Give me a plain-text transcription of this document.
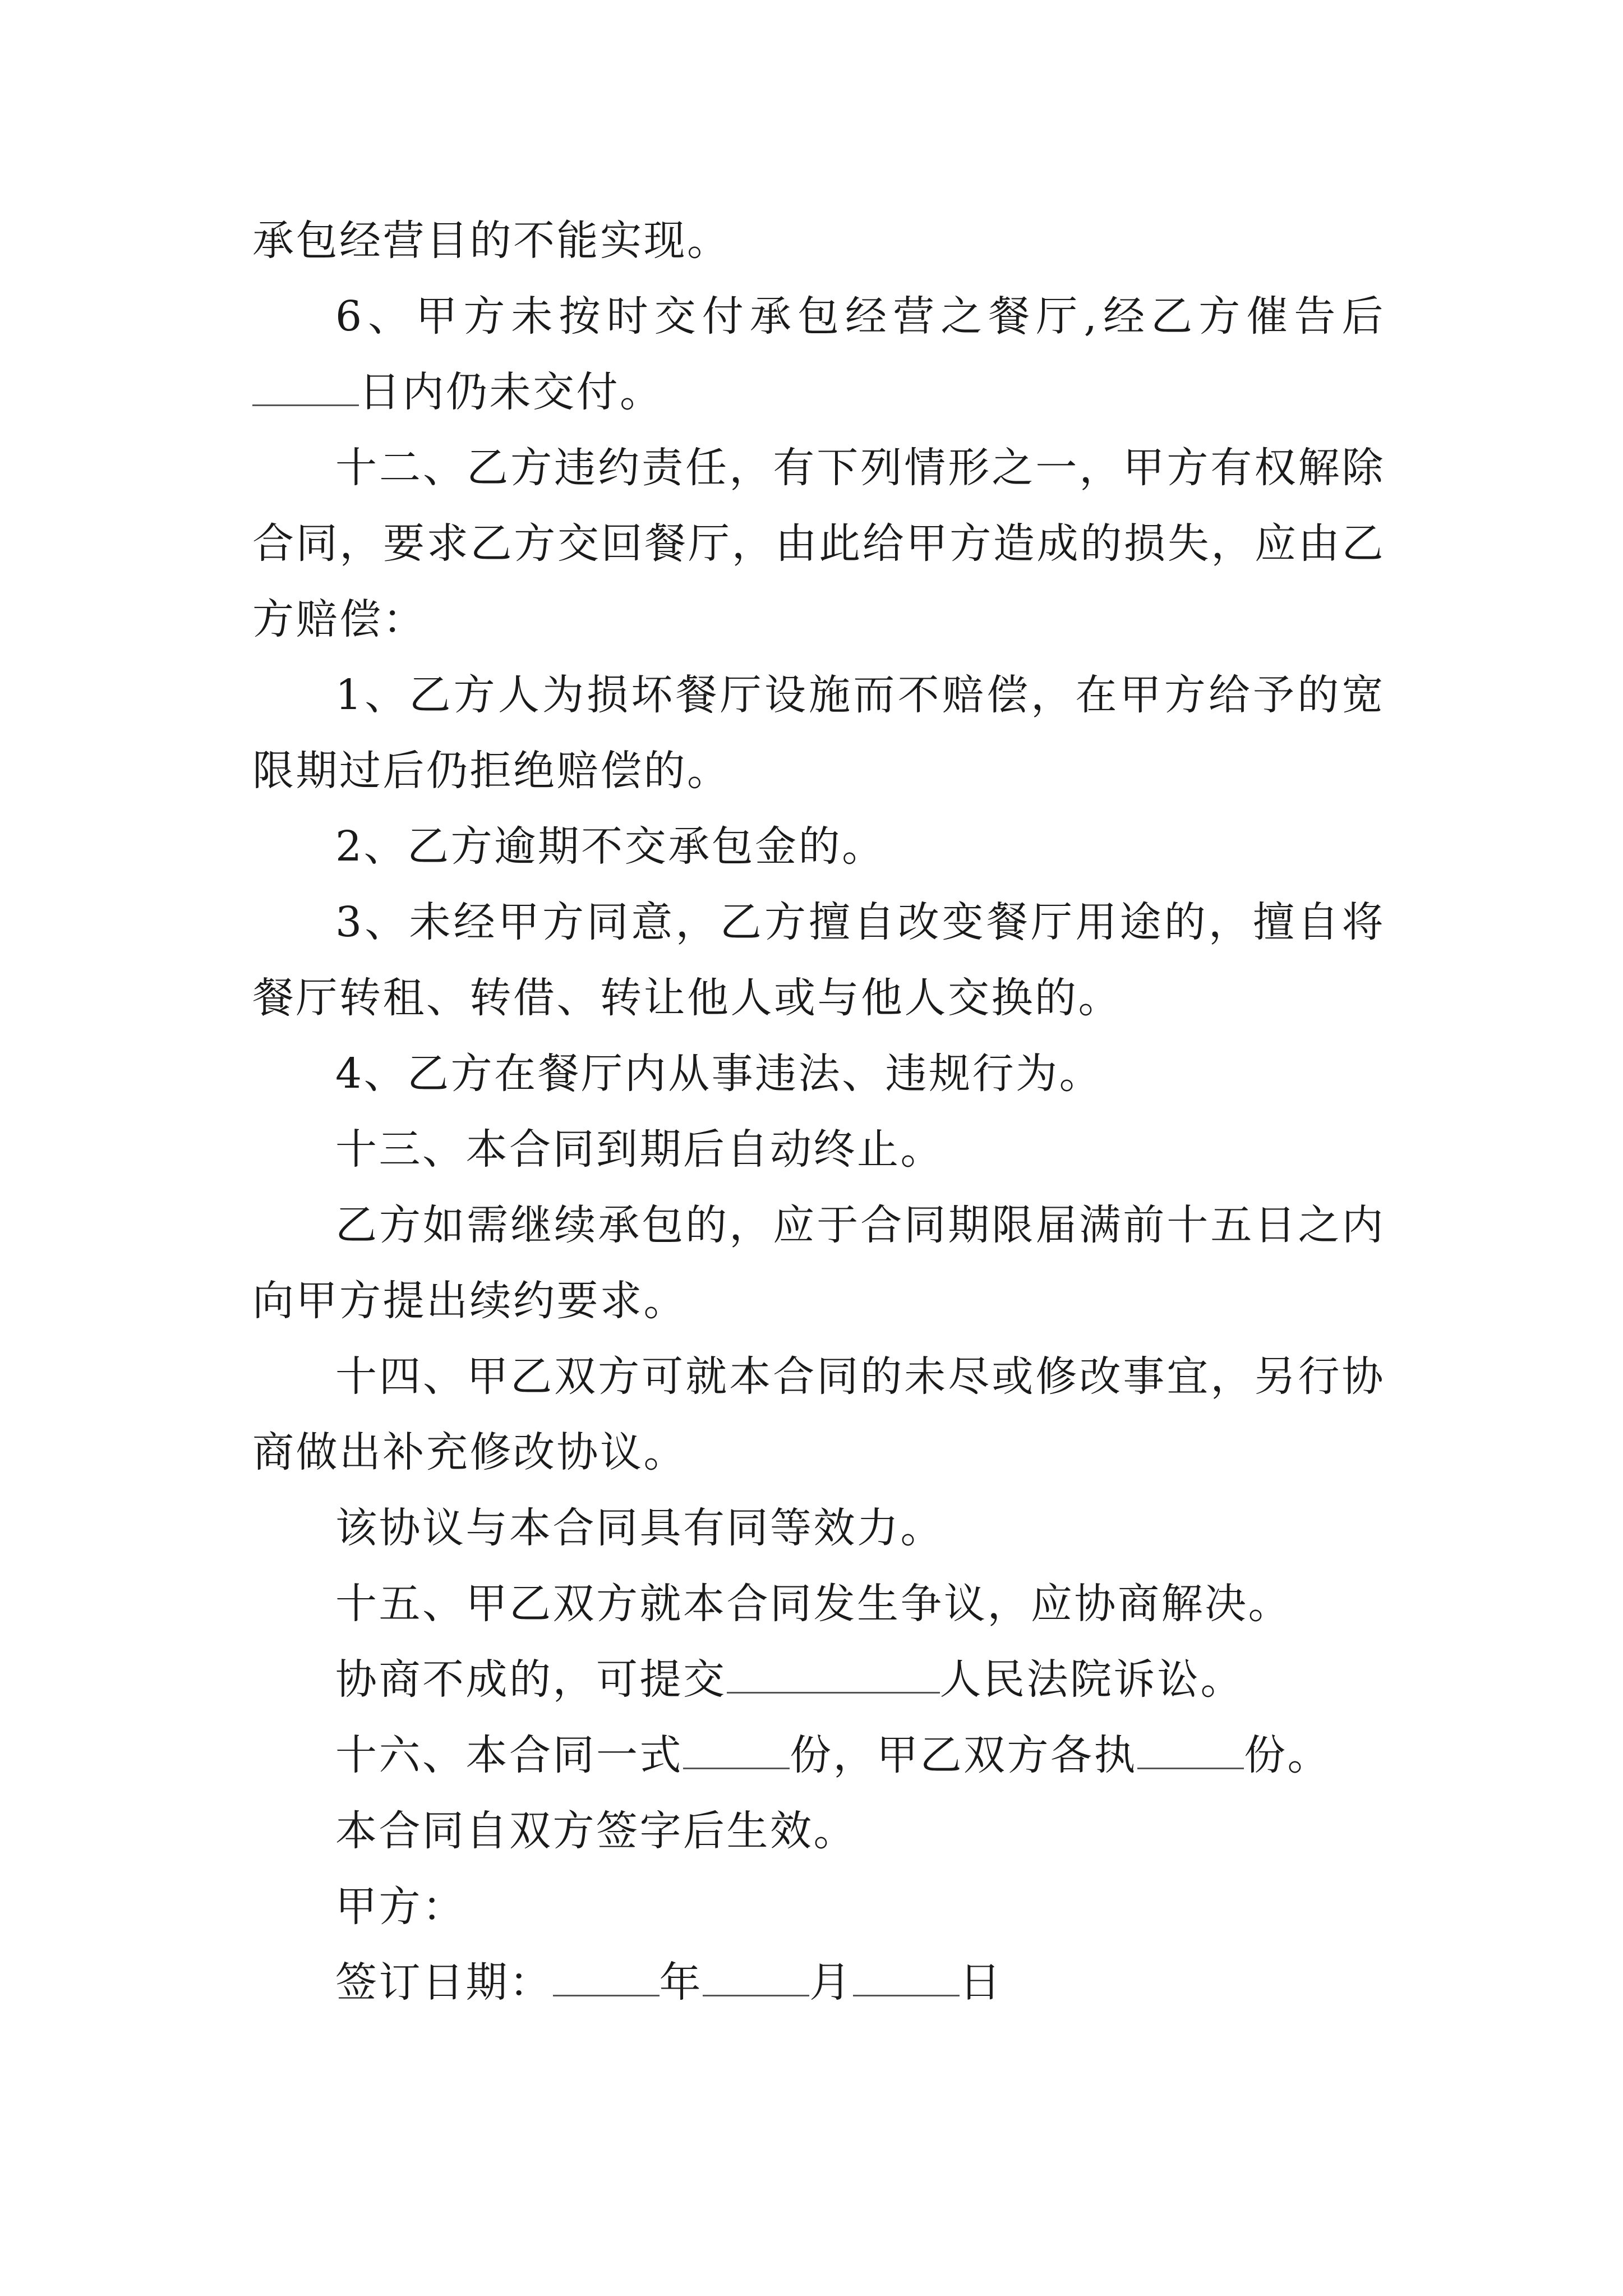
承包经营目的不能实现。

6、甲方未按时交付承包经营之餐厅,经乙方催告后日内仍未交付。

十二、乙方违约责任，有下列情形之一，甲方有权解除合同，要求乙方交回餐厅，由此给甲方造成的损失，应由乙方赔偿：

1、乙方人为损坏餐厅设施而不赔偿，在甲方给予的宽限期过后仍拒绝赔偿的。

2、乙方逾期不交承包金的。

3、未经甲方同意，乙方擅自改变餐厅用途的，擅自将餐厅转租、转借、转让他人或与他人交换的。

4、乙方在餐厅内从事违法、违规行为。

十三、本合同到期后自动终止。

乙方如需继续承包的，应于合同期限届满前十五日之内向甲方提出续约要求。

十四、甲乙双方可就本合同的未尽或修改事宜，另行协商做出补充修改协议。

该协议与本合同具有同等效力。

十五、甲乙双方就本合同发生争议，应协商解决。

协商不成的，可提交	人民法院诉讼。

十六、本合同一式	份，甲乙双方各执	份。

本合同自双方签字后生效。

甲方：

签订日期：	年	月	日
